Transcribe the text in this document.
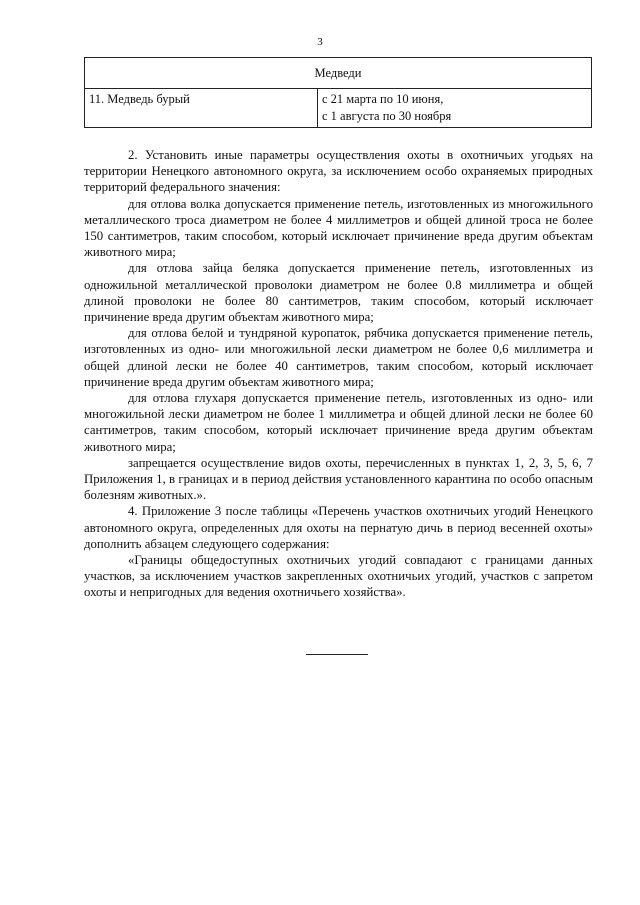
3
Медведи
11. Медведь бурый	с 21 марта по 10 июня,
с 1 августа по 30 ноября

2. Установить иные параметры осуществления охоты в охотничьих угодьях на территории Ненецкого автономного округа, за исключением особо охраняемых природных территорий федерального значения:

для отлова волка допускается применение петель, изготовленных из многожильного металлического троса диаметром не более 4 миллиметров и общей длиной троса не более 150 сантиметров, таким способом, который исключает причинение вреда другим объектам животного мира;

для отлова зайца беляка допускается применение петель, изготовленных из одножильной металлической проволоки диаметром не более 0.8 миллиметра и общей длиной проволоки не более 80 сантиметров, таким способом, который исключает причинение вреда другим объектам животного мира;

для отлова белой и тундряной куропаток, рябчика допускается применение петель, изготовленных из одно- или многожильной лески диаметром не более 0,6 миллиметра и общей длиной лески не более 40 сантиметров, таким способом, который исключает причинение вреда другим объектам животного мира;

для отлова глухаря допускается применение петель, изготовленных из одно- или многожильной лески диаметром не более 1 миллиметра и общей длиной лески не более 60 сантиметров, таким способом, который исключает причинение вреда другим объектам животного мира;

запрещается осуществление видов охоты, перечисленных в пунктах 1, 2, 3, 5, 6, 7 Приложения 1, в границах и в период действия установленного карантина по особо опасным болезням животных.».

4. Приложение 3 после таблицы «Перечень участков охотничьих угодий Ненецкого автономного округа, определенных для охоты на пернатую дичь в период весенней охоты» дополнить абзацем следующего содержания:

«Границы общедоступных охотничьих угодий совпадают с границами данных участков, за исключением участков закрепленных охотничьих угодий, участков с запретом охоты и непригодных для ведения охотничьего хозяйства».
